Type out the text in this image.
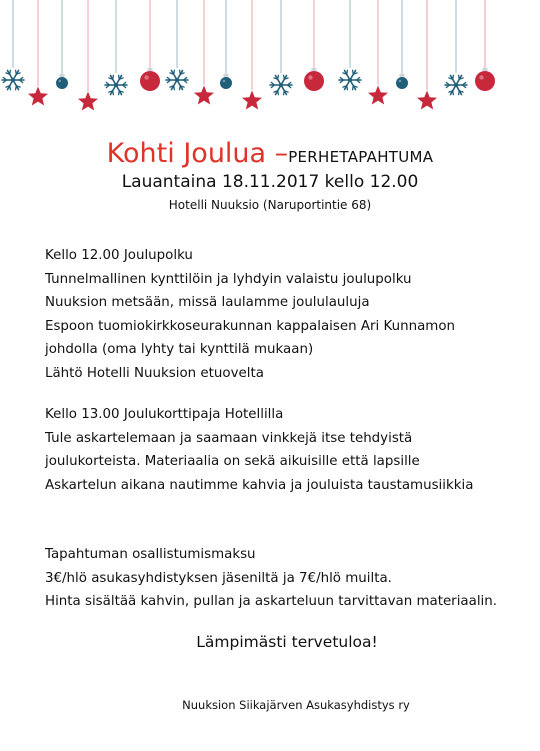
Kohti Joulua –PERHETAPAHTUMA
Lauantaina 18.11.2017 kello 12.00
Hotelli Nuuksio (Naruportintie 68)
Kello 12.00 Joulupolku
Tunnelmallinen kynttilöin ja lyhdyin valaistu joulupolku
Nuuksion metsään, missä laulamme joululauluja
Espoon tuomiokirkkoseurakunnan kappalaisen Ari Kunnamon
johdolla (oma lyhty tai kynttilä mukaan)
Lähtö Hotelli Nuuksion etuovelta
Kello 13.00 Joulukorttipaja Hotellilla
Tule askartelemaan ja saamaan vinkkejä itse tehdyistä
joulukorteista. Materiaalia on sekä aikuisille että lapsille
Askartelun aikana nautimme kahvia ja jouluista taustamusiikkia
Tapahtuman osallistumismaksu
3€/hlö asukasyhdistyksen jäseniltä ja 7€/hlö muilta.
Hinta sisältää kahvin, pullan ja askarteluun tarvittavan materiaalin.
Lämpimästi tervetuloa!
Nuuksion Siikajärven Asukasyhdistys ry
